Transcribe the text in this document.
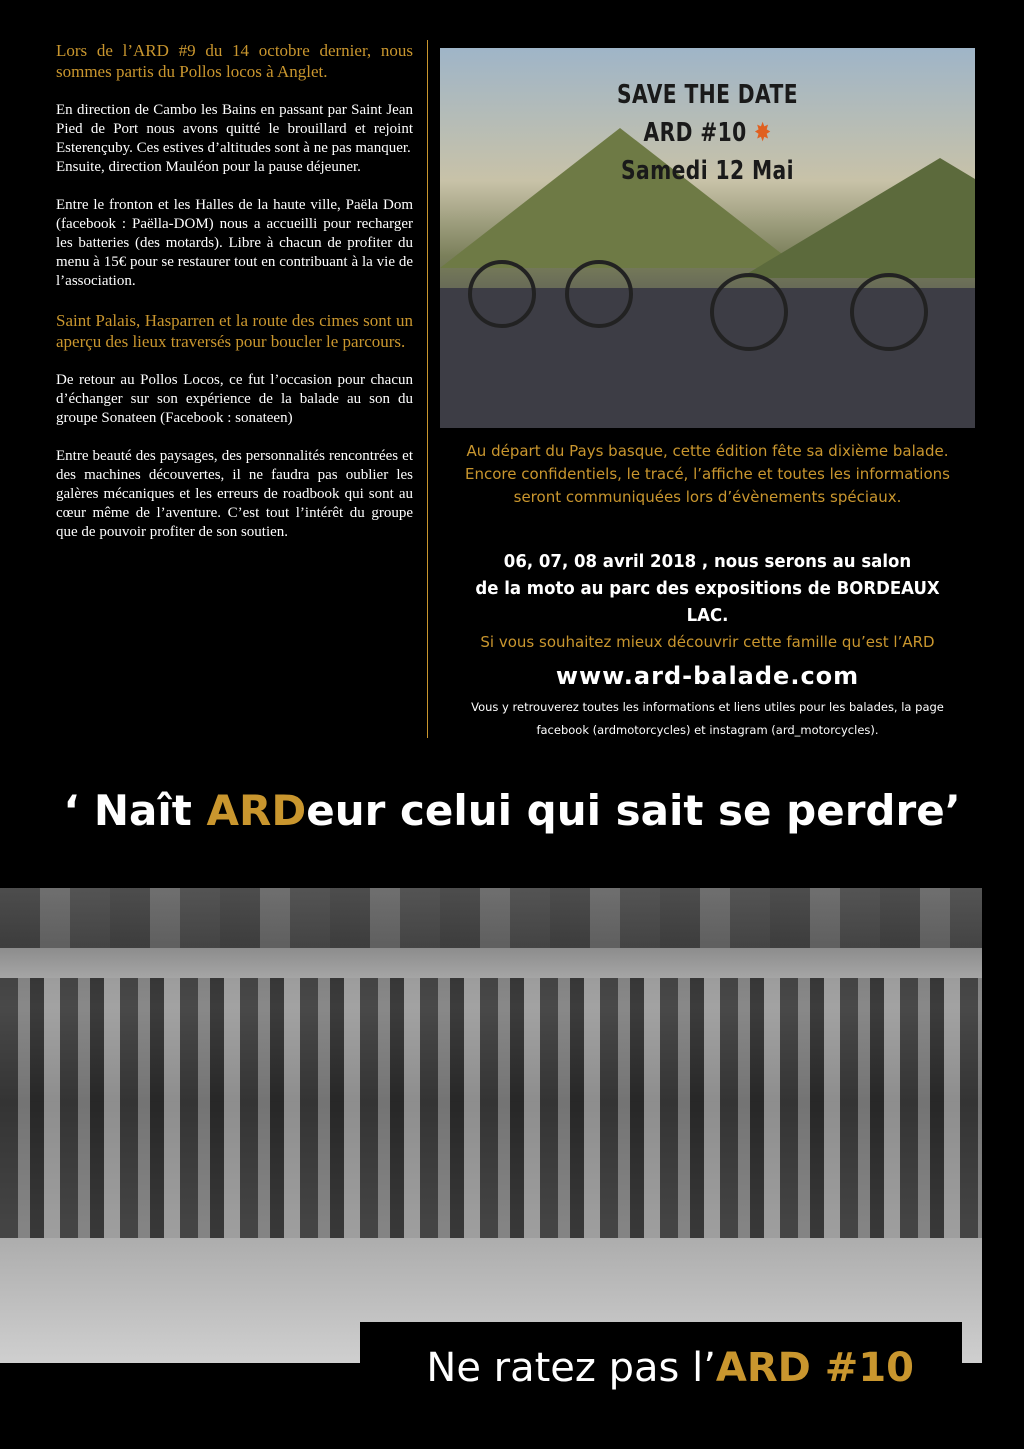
Lors de l’ARD #9 du 14 octobre dernier, nous sommes partis du Pollos locos à Anglet.

En direction de Cambo les Bains en passant par Saint Jean Pied de Port nous avons quitté le brouillard et rejoint Esterençuby. Ces estives d’altitudes sont à ne pas manquer.
Ensuite, direction Mauléon pour la pause déjeuner.

Entre le fronton et les Halles de la haute ville, Paëla Dom (facebook : Paëlla-DOM) nous a accueilli pour recharger les batteries (des motards). Libre à chacun de profiter du menu à 15€ pour se restaurer tout en contribuant à la vie de l’association.

Saint Palais, Hasparren et la route des cimes sont un aperçu des lieux traversés pour boucler le parcours.

De retour au Pollos Locos, ce fut l’occasion pour chacun d’échanger sur son expérience de la balade au son du groupe Sonateen (Facebook : sonateen)

Entre beauté des paysages, des personnalités rencontrées et des machines découvertes, il ne faudra pas oublier les galères mécaniques et les erreurs de roadbook qui sont au cœur même de l’aventure. C’est tout l’intérêt du groupe que de pouvoir profiter de son soutien.

SAVE THE DATE
ARD #10 ✸
Samedi 12 Mai
Au départ du Pays basque, cette édition fête sa dixième balade.
Encore confidentiels, le tracé, l’affiche et toutes les informations
seront communiquées lors d’évènements spéciaux.
06, 07, 08 avril 2018 , nous serons au salon
de la moto au parc des expositions de BORDEAUX LAC.
Si vous souhaitez mieux découvrir cette famille qu’est l’ARD
www.ard-balade.com
Vous y retrouverez toutes les informations et liens utiles pour les balades, la page
facebook (ardmotorcycles) et instagram (ard_motorcycles).
‘ Naît ARDeur celui qui sait se perdre’
Ne ratez pas l’ARD #10
